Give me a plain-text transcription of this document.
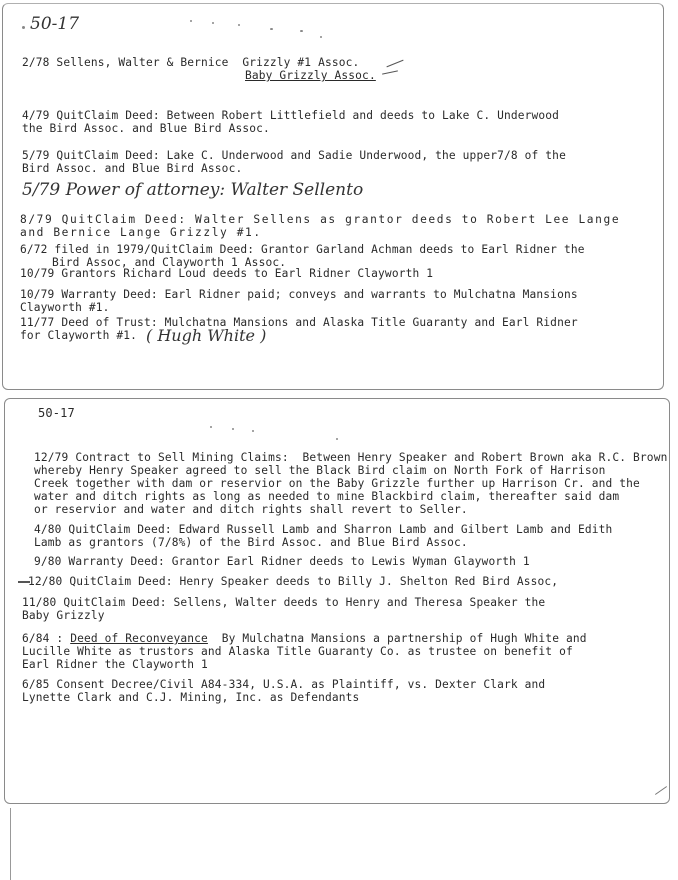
50-17
2/78 Sellens, Walter & Bernice  Grizzly #1 Assoc.
Baby Grizzly Assoc.
4/79 QuitClaim Deed: Between Robert Littlefield and deeds to Lake C. Underwood
the Bird Assoc. and Blue Bird Assoc.
5/79 QuitClaim Deed: Lake C. Underwood and Sadie Underwood, the upper7/8 of the
Bird Assoc. and Blue Bird Assoc.
5/79 Power of attorney: Walter Sellento
8/79 QuitClaim Deed: Walter Sellens as grantor deeds to Robert Lee Lange
and Bernice Lange Grizzly #1.
6/72 filed in 1979/QuitClaim Deed: Grantor Garland Achman deeds to Earl Ridner the
Bird Assoc, and Clayworth 1 Assoc.
10/79 Grantors Richard Loud deeds to Earl Ridner Clayworth 1
10/79 Warranty Deed: Earl Ridner paid; conveys and warrants to Mulchatna Mansions
Clayworth #1.
11/77 Deed of Trust: Mulchatna Mansions and Alaska Title Guaranty and Earl Ridner
for Clayworth #1. ( Hugh White )
50-17
12/79 Contract to Sell Mining Claims:  Between Henry Speaker and Robert Brown aka R.C. Brown
whereby Henry Speaker agreed to sell the Black Bird claim on North Fork of Harrison
Creek together with dam or reservior on the Baby Grizzle further up Harrison Cr. and the
water and ditch rights as long as needed to mine Blackbird claim, thereafter said dam
or reservior and water and ditch rights shall revert to Seller.
4/80 QuitClaim Deed: Edward Russell Lamb and Sharron Lamb and Gilbert Lamb and Edith
Lamb as grantors (7/8%) of the Bird Assoc. and Blue Bird Assoc.
9/80 Warranty Deed: Grantor Earl Ridner deeds to Lewis Wyman Glayworth 1
12/80 QuitClaim Deed: Henry Speaker deeds to Billy J. Shelton Red Bird Assoc,
11/80 QuitClaim Deed: Sellens, Walter deeds to Henry and Theresa Speaker the
Baby Grizzly
6/84 : Deed of Reconveyance  By Mulchatna Mansions a partnership of Hugh White and
Lucille White as trustors and Alaska Title Guaranty Co. as trustee on benefit of
Earl Ridner the Clayworth 1
6/85 Consent Decree/Civil A84-334, U.S.A. as Plaintiff, vs. Dexter Clark and
Lynette Clark and C.J. Mining, Inc. as Defendants
